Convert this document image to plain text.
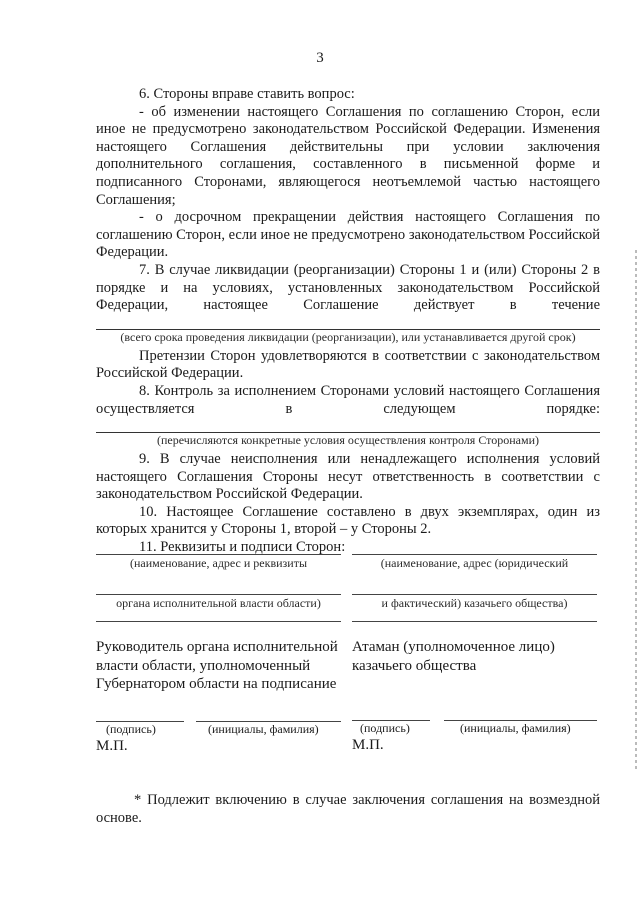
3

6. Стороны вправе ставить вопрос:

- об изменении настоящего Соглашения по соглашению Сторон, если иное не предусмотрено законодательством Российской Федерации. Изменения настоящего Соглашения действительны при условии заключения дополнительного соглашения, составленного в письменной форме и подписанного Сторонами, являющегося неотъемлемой частью настоящего Соглашения;

- о досрочном прекращении действия настоящего Соглашения по соглашению Сторон, если иное не предусмотрено законодательством Российской Федерации.

7. В случае ликвидации (реорганизации) Стороны 1 и (или) Стороны 2 в порядке и на условиях, установленных законодательством Российской Федерации, настоящее Соглашение действует в течение

(всего срока проведения ликвидации (реорганизации), или устанавливается другой срок)

Претензии Сторон удовлетворяются в соответствии с законодательством Российской Федерации.

8. Контроль за исполнением Сторонами условий настоящего Соглашения осуществляется в следующем порядке:

(перечисляются конкретные условия осуществления контроля Сторонами)

9. В случае неисполнения или ненадлежащего исполнения условий настоящего Соглашения Стороны несут ответственность в соответствии с законодательством Российской Федерации.

10. Настоящее Соглашение составлено в двух экземплярах, один из которых хранится у Стороны 1, второй – у Стороны 2.

11. Реквизиты и подписи Сторон:

(наименование, адрес и реквизиты
органа исполнительной власти области)
Руководитель органа исполнительной власти области, уполномоченный Губернатором области на подписание
(подпись)	(инициалы, фамилия)
М.П.
(наименование, адрес (юридический
и фактический) казачьего общества)
Атаман (уполномоченное лицо) казачьего общества
(подпись)	(инициалы, фамилия)
М.П.

* Подлежит включению в случае заключения соглашения на возмездной основе.
